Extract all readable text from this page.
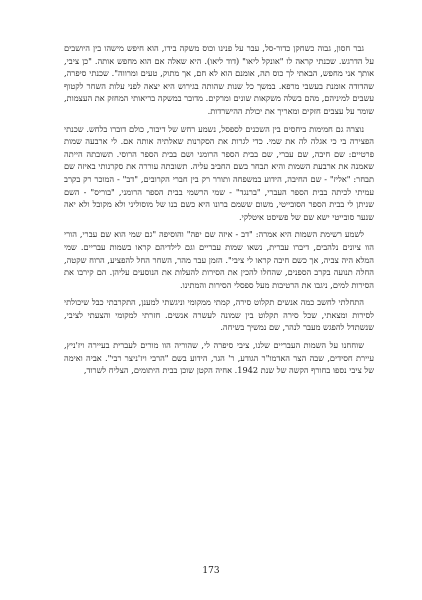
גבר חסון, גבוה כשחקן כדור-סל, עבר על פנינו וכוס משקה בידו, הוא חיפש מישהו בין היושבים על הדרגש. שכנתי קראה לו "אונקל ליאו" (דוד ליאו). היא שאלה אם הוא מחפש אותה. "כן ציבי, אותך אני מחפש, הבאתי לך כוס תה, אומנם הוא לא חם, אך מתוק, טעים ומרווה". שכנתי סיפרה, שהדודה אומנת בעשבי מרפא. במשך כל שנות שהותה בגירוש היא יצאה לפני עלות השחר לקטוף עשבים למיניהם, מהם בשלה משקאות שונים ומרקים. מדובר במשקה בריאותי המחזק את העצמות, שומר על עצבים חזקים ומאריך את יכולת ההישרדות.

נוצרה גם חמימות ביחסים בין השכנים לספסל, נשמע רחש של דיבור, כולם דוברו בלחש. שכנתי הפצירה בי כי אגלה לה את שמי. כדי לגרות את הסקרנות שאלתיה אותה אם. לי ארבעה שמות פרטיים: שם חיבה, שם עברי, שם בבית הספר הרומני ושם בבית הספר הרוסי. תשובתה הייתה שאמנה את ארבעת השמות והיא תבחר בשם החביב עליה. תשובתה עוררה את סקרנותי באיזה שם תבחר: "אליז" - שם החיבה, הידוע במשפחה ותורר רק בין חברי הקרובים, "דב" - המוכר רק בקרב עמיתי לכיתה בבית הספר העברי, "ברנגד" - שמי הרשמי בבית הספר הרומני, "בוריס" - השם שניתן לי בבית הספר הסובייטי, משום ששמם ברונו היא כשם בנו של מוסוליני ולא מקובל ולא יאה שנער סובייטי ישא שם של פשיסט איטלקי.

לשמע רשימת השמות היא אמרה: "דב - איזה שם יפה" והוסיפה "גם שמי הוא שם עברי, הורי הוו ציונים נלהבים, דיברו עברית, נשאו שמות עבריים וגם לילדיהם קראו בשמות עבריים. שמי המלא היה צביה, אך כשם חיבה קראו לי ציבי". הזמן עבר מהר, השחר החל להפציע, הרוח שקטה, החלה תנועה בקרב הספנים, שהחלו להכין את הסירות להעלות את הנוסעים עליהן. הם קירבו את הסירות למים, ניגבו את הרטיבות מעל ספסלי הסירות והמתינו.

התחלתי לחשב כמה אנשים תקלוט סירה, קמתי ממקומי וניגשתי למענן, התקרבתי כבל שיכולתי לסירות ומצאתי, שכל סירה תקלוט בין שמונה לעשרה אנשים. חזרתי למקומי והצעתי לציבי, שנשתדל להפגש מעבר לנהר, שם נמשיך בשיחה.

שוחחנו על השמות העבריים שלנו, ציבי סיפרה לי, שהוריה הוו מורים לעברית בעיירה ויז'ניץ, עיירת חסידים, שבה הצר האדמו"ר הגודע, ר' הגר, הידוע בשם "הרבי ויז'ניצר רבי". אביה ואימה של ציבי נספו בחורף הקשה של שנת 1942. אחיה הקטן שוכן בבית היתומים, הצליח לשרוד,

173
